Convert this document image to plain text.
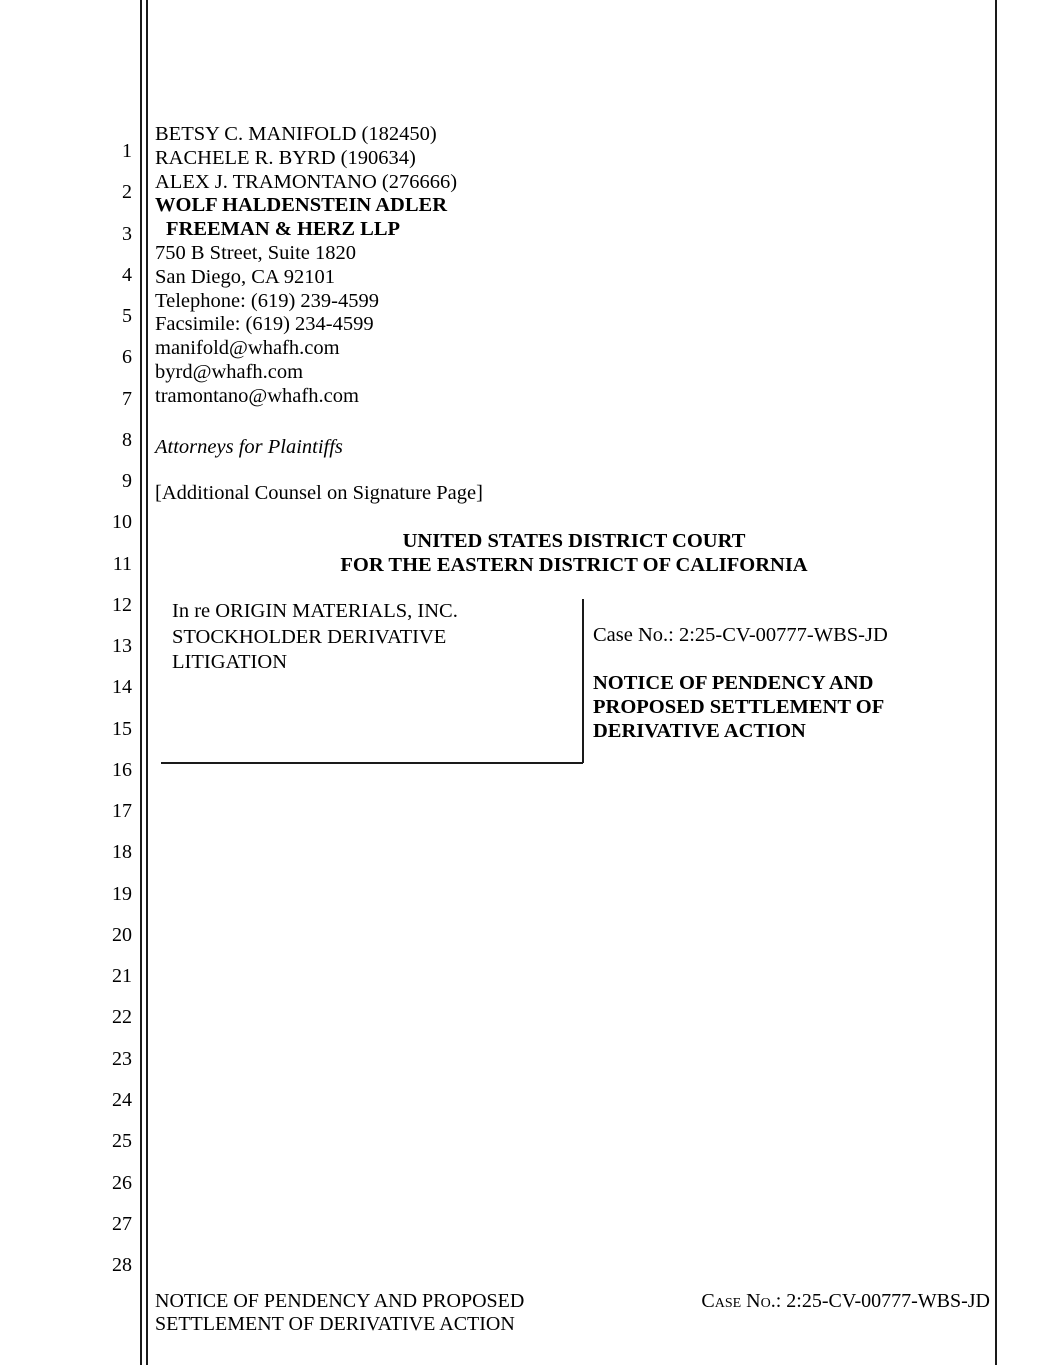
1
2
3
4
5
6
7
8
9
10
11
12
13
14
15
16
17
18
19
20
21
22
23
24
25
26
27
28
BETSY C. MANIFOLD (182450)
RACHELE R. BYRD (190634)
ALEX J. TRAMONTANO (276666)
WOLF HALDENSTEIN ADLER
FREEMAN & HERZ LLP
750 B Street, Suite 1820
San Diego, CA 92101
Telephone: (619) 239-4599
Facsimile: (619) 234-4599
manifold@whafh.com
byrd@whafh.com
tramontano@whafh.com
Attorneys for Plaintiffs
[Additional Counsel on Signature Page]
UNITED STATES DISTRICT COURT
FOR THE EASTERN DISTRICT OF CALIFORNIA
In re ORIGIN MATERIALS, INC.
STOCKHOLDER DERIVATIVE
LITIGATION
Case No.: 2:25-CV-00777-WBS-JD
NOTICE OF PENDENCY AND
PROPOSED SETTLEMENT OF
DERIVATIVE ACTION
NOTICE OF PENDENCY AND PROPOSED
SETTLEMENT OF DERIVATIVE ACTION
Case No.: 2:25-CV-00777-WBS-JD
